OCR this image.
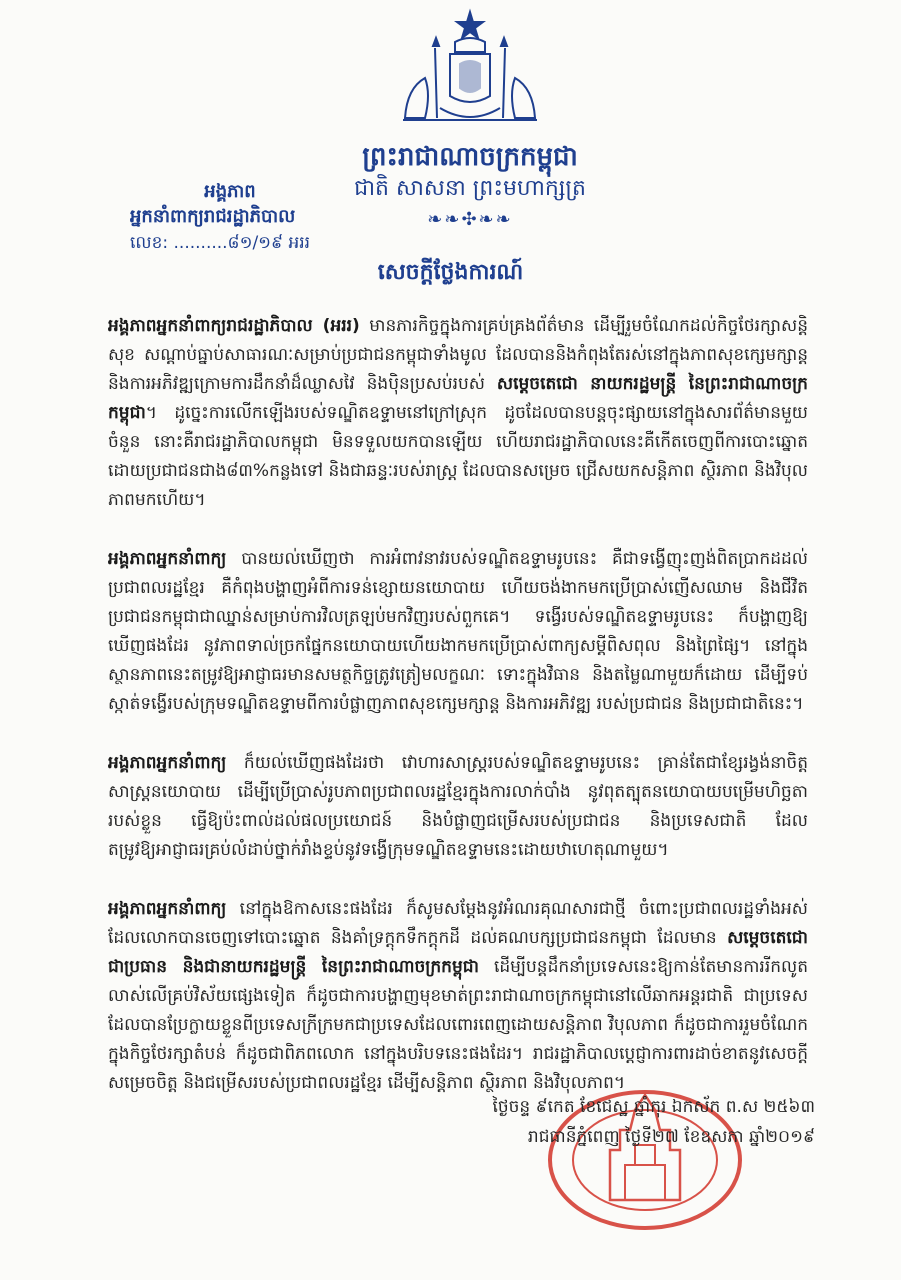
ព្រះរាជាណាចក្រកម្ពុជា
ជាតិ សាសនា ព្រះមហាក្សត្រ
❧❧✣❧❧
អង្គភាព
អ្នកនាំពាក្យរាជរដ្ឋាភិបាល
លេខ: ..........៨១/១៩ អររ
សេចក្តីថ្លែងការណ៍

អង្គភាពអ្នកនាំពាក្យរាជរដ្ឋាភិបាល (អររ) មានភារកិច្ចក្នុងការគ្រប់គ្រងព័ត៌មាន ដើម្បីរួមចំណែកដល់កិច្ចថែរក្សាសន្តិសុខ សណ្តាប់ធ្នាប់សាធារណៈសម្រាប់ប្រជាជនកម្ពុជាទាំងមូល ដែលបាននិងកំពុងតែរស់នៅក្នុងភាពសុខក្សេមក្សាន្ត និងការអភិវឌ្ឍក្រោមការដឹកនាំដ៏ឈ្លាសវៃ និងប៉ិនប្រសប់របស់ សម្តេចតេជោ នាយករដ្ឋមន្ត្រី នៃព្រះរាជាណាចក្រកម្ពុជា។ ដូច្នេះការលើកឡើងរបស់ទណ្ឌិតឧទ្ទាមនៅក្រៅស្រុក ដូចដែលបានបន្តចុះផ្សាយនៅក្នុងសារព័ត៌មានមួយចំនួន នោះគឺរាជរដ្ឋាភិបាលកម្ពុជា មិនទទួលយកបានឡើយ ហើយរាជរដ្ឋាភិបាលនេះគឺកើតចេញពីការបោះឆ្នោតដោយប្រជាជនជាង៨៣%កន្លងទៅ និងជាឆន្ទៈរបស់រាស្ត្រ ដែលបានសម្រេច ជ្រើសយកសន្តិភាព ស្ថិរភាព និងវិបុលភាពមកហើយ។

អង្គភាពអ្នកនាំពាក្យ បានយល់ឃើញថា ការអំពាវនាវរបស់ទណ្ឌិតឧទ្ទាមរូបនេះ គឺជាទង្វើញុះញង់ពិតប្រាកដដល់ប្រជាពលរដ្ឋខ្មែរ គឺកំពុងបង្ហាញអំពីការទន់ខ្សោយនយោបាយ ហើយចង់ងាកមកប្រើប្រាស់ញើសឈាម និងជីវិតប្រជាជនកម្ពុជាជាឈ្នាន់សម្រាប់ការវិលត្រឡប់មកវិញរបស់ពួកគេ។ ទង្វើរបស់ទណ្ឌិតឧទ្ទាមរូបនេះ ក៏បង្ហាញឱ្យឃើញផងដែរ នូវភាពទាល់ច្រកផ្នែកនយោបាយហើយងាកមកប្រើប្រាស់ពាក្យសម្តីពិសពុល និងព្រៃផ្សៃ។ នៅក្នុងស្ថានភាពនេះតម្រូវឱ្យអាជ្ញាធរមានសមត្ថកិច្ចត្រូវត្រៀមលក្ខណៈ ទោះក្នុងវិធាន និងតម្លៃណាមួយក៏ដោយ ដើម្បីទប់ស្កាត់ទង្វើរបស់ក្រុមទណ្ឌិតឧទ្ទាមពីការបំផ្លាញភាពសុខក្សេមក្សាន្ត និងការអភិវឌ្ឍ របស់ប្រជាជន និងប្រជាជាតិនេះ។

អង្គភាពអ្នកនាំពាក្យ ក៏យល់ឃើញផងដែរថា វោហារសាស្ត្ររបស់ទណ្ឌិតឧទ្ទាមរូបនេះ គ្រាន់តែជាខ្សែរង្វង់នាចិត្តសាស្ត្រនយោបាយ ដើម្បីប្រើប្រាស់រូបភាពប្រជាពលរដ្ឋខ្មែរក្នុងការលាក់បាំង នូវពុតត្បុតនយោបាយបម្រើមហិច្ឆតារបស់ខ្លួន ធ្វើឱ្យប៉ះពាល់ដល់ផលប្រយោជន៍ និងបំផ្លាញជម្រើសរបស់ប្រជាជន និងប្រទេសជាតិ ដែលតម្រូវឱ្យអាជ្ញាធរគ្រប់លំដាប់ថ្នាក់រាំងខ្ទប់នូវទង្វើក្រុមទណ្ឌិតឧទ្ទាមនេះដោយឋាហេតុណាមួយ។

អង្គភាពអ្នកនាំពាក្យ នៅក្នុងឱកាសនេះផងដែរ ក៏សូមសម្តែងនូវអំណរគុណសារជាថ្មី ចំពោះប្រជាពលរដ្ឋទាំងអស់ដែលលោកបានចេញទៅបោះឆ្នោត និងគាំទ្រក្តុកទឹកក្តុកដី ដល់គណបក្សប្រជាជនកម្ពុជា ដែលមាន សម្តេចតេជោ ជាប្រធាន និងជានាយករដ្ឋមន្ត្រី នៃព្រះរាជាណាចក្រកម្ពុជា ដើម្បីបន្តដឹកនាំប្រទេសនេះឱ្យកាន់តែមានការរីកលូតលាស់លើគ្រប់វិស័យផ្សេងទៀត ក៏ដូចជាការបង្ហាញមុខមាត់ព្រះរាជាណាចក្រកម្ពុជានៅលើឆាកអន្តរជាតិ ជាប្រទេសដែលបានប្រែក្លាយខ្លួនពីប្រទេសក្រីក្រមកជាប្រទេសដែលពោរពេញដោយសន្តិភាព វិបុលភាព ក៏ដូចជាការរួមចំណែកក្នុងកិច្ចថែរក្សាតំបន់ ក៏ដូចជាពិភពលោក នៅក្នុងបរិបទនេះផងដែរ។ រាជរដ្ឋាភិបាលប្តេជ្ញាការពារដាច់ខាតនូវសេចក្តីសម្រេចចិត្ត និងជម្រើសរបស់ប្រជាពលរដ្ឋខ្មែរ ដើម្បីសន្តិភាព ស្ថិរភាព និងវិបុលភាព។

ថ្ងៃចន្ទ ៩កេត ខែជេស្ឋ ឆ្នាំកុរ ឯកស័ក ព.ស ២៥៦៣
រាជធានីភ្នំពេញ ថ្ងៃទី២៧ ខែឧសភា ឆ្នាំ២០១៩
